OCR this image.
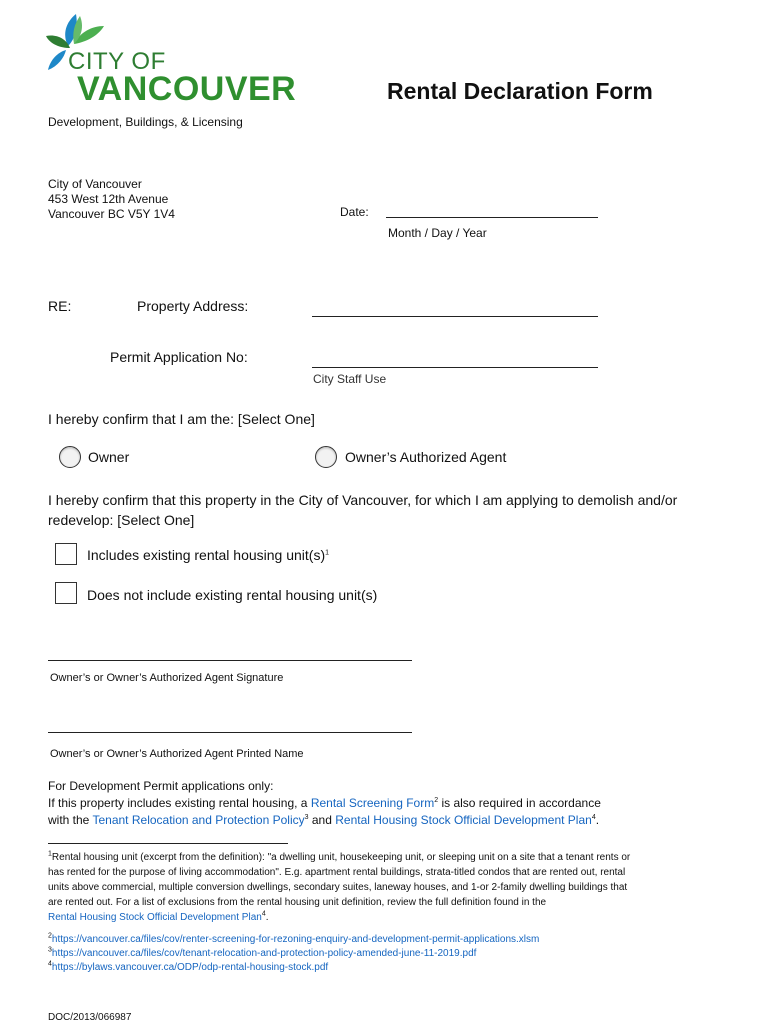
CITY OF
VANCOUVER	Rental Declaration Form
Development, Buildings, & Licensing
City of Vancouver
453 West 12th Avenue
Vancouver BC V5Y 1V4	Date:
Month / Day / Year
RE:	Property Address:
Permit Application No:
City Staff Use
I hereby confirm that I am the: [Select One]
Owner	Owner’s Authorized Agent
I hereby confirm that this property in the City of Vancouver, for which I am applying to demolish and/or
redevelop: [Select One]
Includes existing rental housing $unit(s)^1$
Does not include existing rental housing unit(s)
Owner’s or Owner’s Authorized Agent Signature
Owner’s or Owner’s Authorized Agent Printed Name
For Development Permit applications only:
If this property includes existing rental housing, a Rental Screening Form$^2$ is also required in accordance
with the Tenant Relocation and Protection Policy$^3$ and Rental Housing Stock Official Development Plan$^4$.
$^1$Rental housing unit (excerpt from the definition): "a dwelling unit, housekeeping unit, or sleeping unit on a site that a tenant rents or
has rented for the purpose of living accommodation". E.g. apartment rental buildings, strata-titled condos that are rented out, rental
units above commercial, multiple conversion dwellings, secondary suites, laneway houses, and 1-or 2-family dwelling buildings that
are rented out. For a list of exclusions from the rental housing unit definition, review the full definition found in the
Rental Housing Stock Official Development Plan$^4$.
$^2$https://vancouver.ca/files/cov/renter-screening-for-rezoning-enquiry-and-development-permit-applications.xlsm
$^3$https://vancouver.ca/files/cov/tenant-relocation-and-protection-policy-amended-june-11-2019.pdf
$^4$https://bylaws.vancouver.ca/ODP/odp-rental-housing-stock.pdf
DOC/2013/066987
